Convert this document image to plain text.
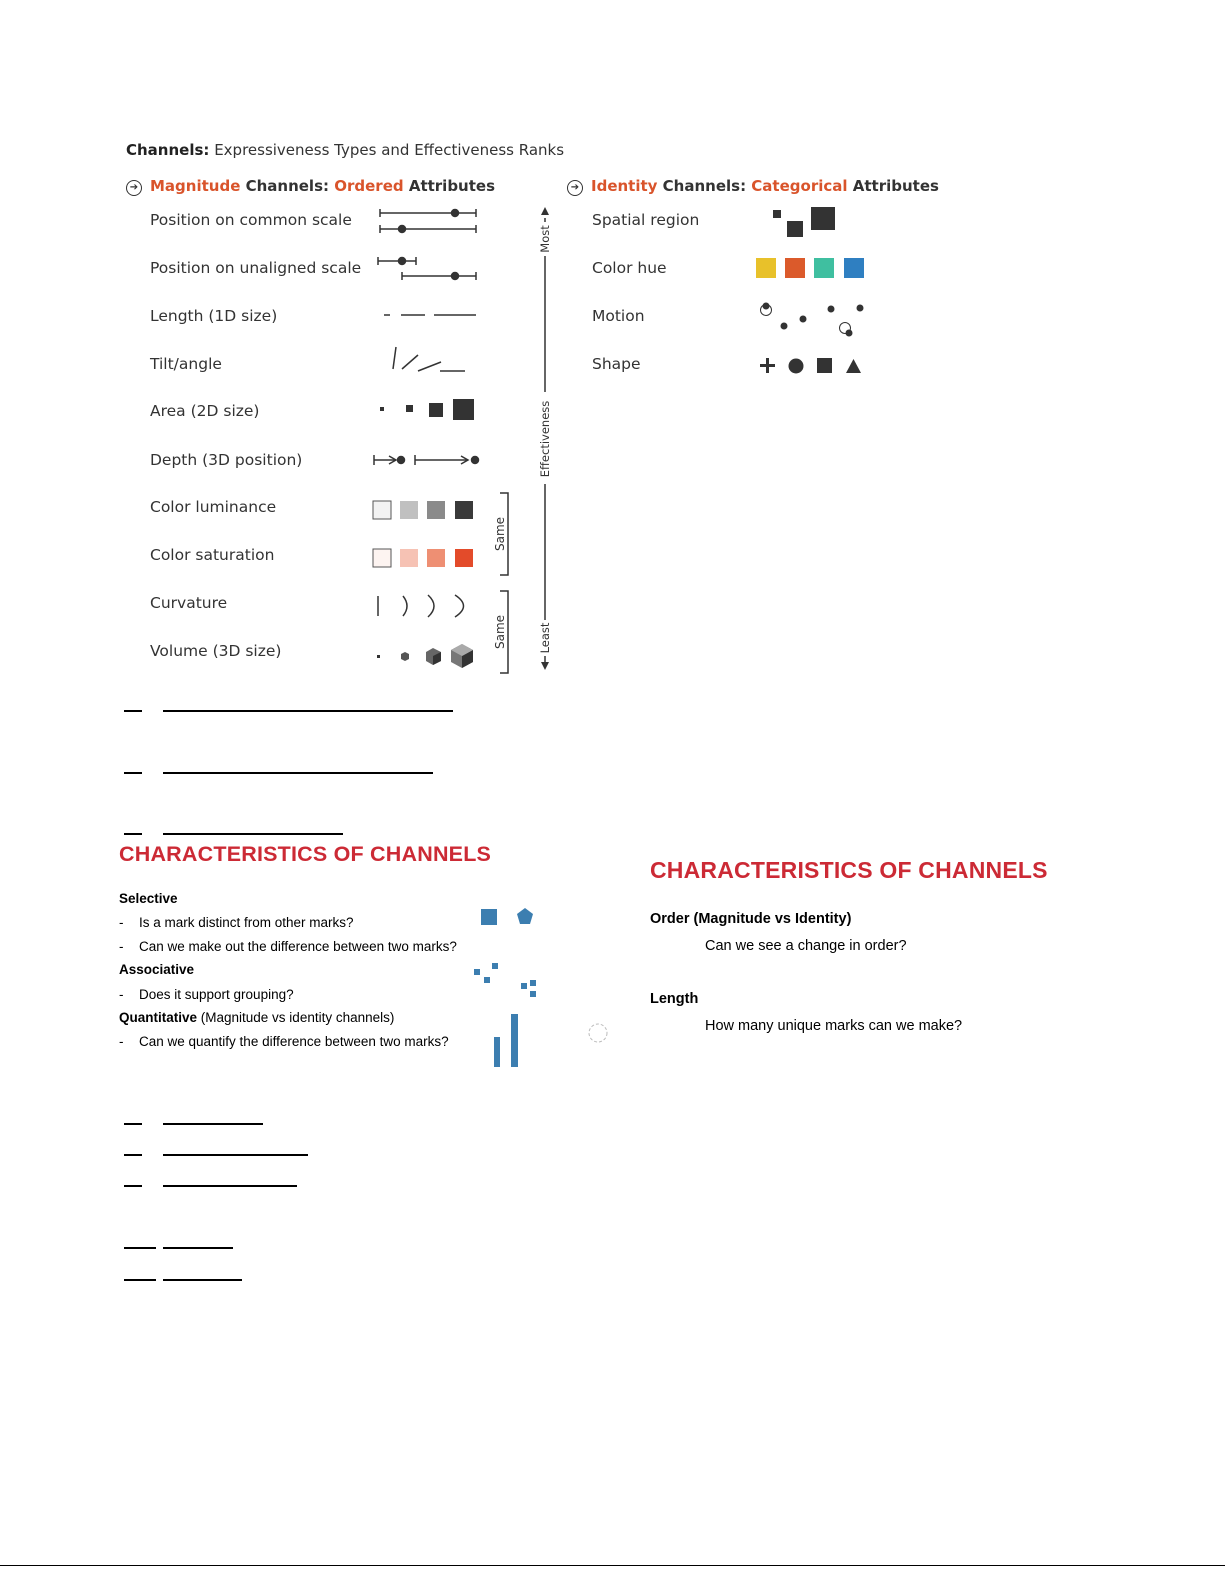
Channels: Expressiveness Types and Effectiveness Ranks
➔ Magnitude Channels: Ordered Attributes	➔ Identity Channels: Categorical Attributes
Position on common scale
Position on unaligned scale
Length (1D size)
Tilt/angle
Area (2D size)
Depth (3D position)
Color luminance
Color saturation
Curvature
Volume (3D size)
Spatial region
Color hue
Motion
Shape
Same
Same
Most
Effectiveness
Least
CHARACTERISTICS OF CHANNELS
Selective
- Is a mark distinct from other marks?
- Can we make out the difference between two marks?
Associative
- Does it support grouping?
Quantitative (Magnitude vs identity channels)
- Can we quantify the difference between two marks?
CHARACTERISTICS OF CHANNELS
Order (Magnitude vs Identity)
Can we see a change in order?
Length
How many unique marks can we make?
